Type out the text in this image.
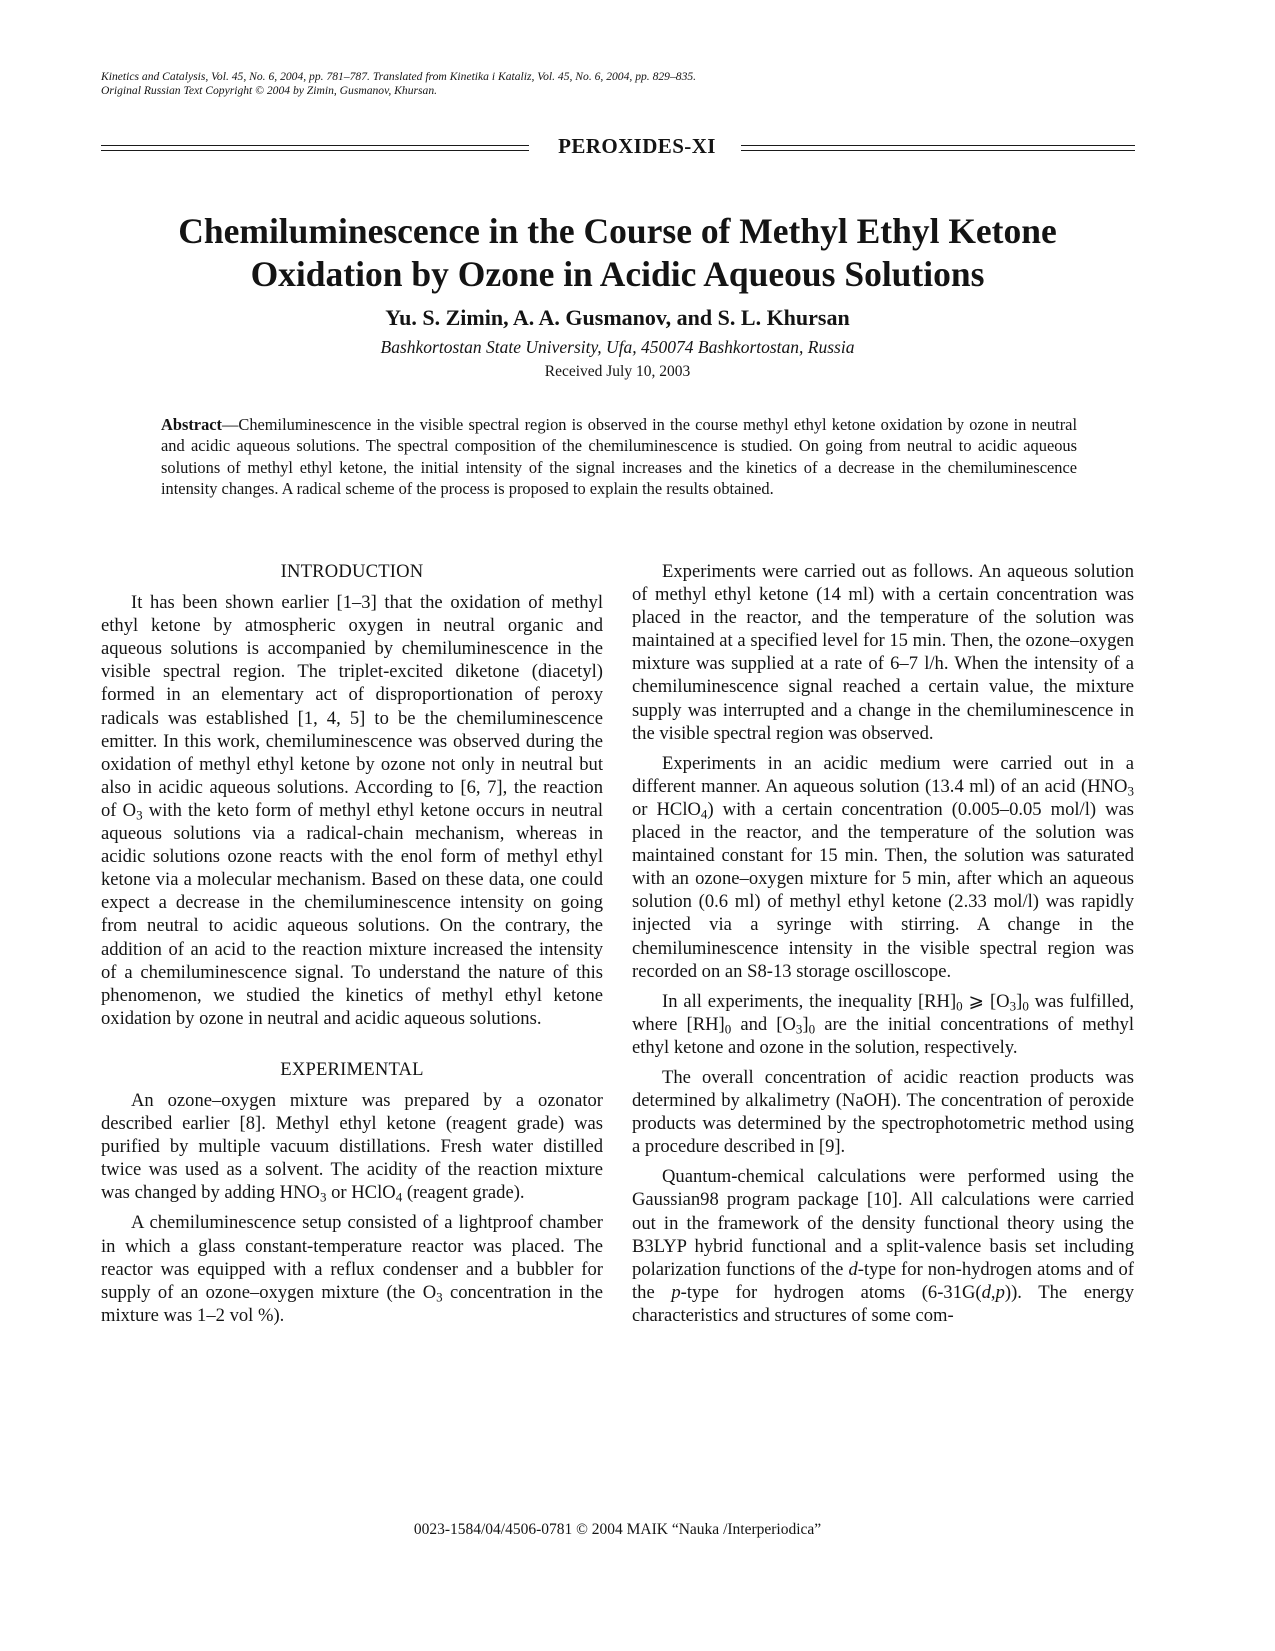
Kinetics and Catalysis, Vol. 45, No. 6, 2004, pp. 781–787. Translated from Kinetika i Kataliz, Vol. 45, No. 6, 2004, pp. 829–835.
Original Russian Text Copyright © 2004 by Zimin, Gusmanov, Khursan.
PEROXIDES-XI
Chemiluminescence in the Course of Methyl Ethyl Ketone
Oxidation by Ozone in Acidic Aqueous Solutions
Yu. S. Zimin, A. A. Gusmanov, and S. L. Khursan
Bashkortostan State University, Ufa, 450074 Bashkortostan, Russia
Received July 10, 2003

Abstract—Chemiluminescence in the visible spectral region is observed in the course methyl ethyl ketone oxidation by ozone in neutral and acidic aqueous solutions. The spectral composition of the chemiluminescence is studied. On going from neutral to acidic aqueous solutions of methyl ethyl ketone, the initial intensity of the signal increases and the kinetics of a decrease in the chemiluminescence intensity changes. A radical scheme of the process is proposed to explain the results obtained.

INTRODUCTION

It has been shown earlier [1–3] that the oxidation of methyl ethyl ketone by atmospheric oxygen in neutral organic and aqueous solutions is accompanied by chemiluminescence in the visible spectral region. The triplet-excited diketone (diacetyl) formed in an elementary act of disproportionation of peroxy radicals was established [1, 4, 5] to be the chemiluminescence emitter. In this work, chemiluminescence was observed during the oxidation of methyl ethyl ketone by ozone not only in neutral but also in acidic aqueous solutions. According to [6, 7], the reaction of $O_3$ with the keto form of methyl ethyl ketone occurs in neutral aqueous solutions via a radical-chain mechanism, whereas in acidic solutions ozone reacts with the enol form of methyl ethyl ketone via a molecular mechanism. Based on these data, one could expect a decrease in the chemiluminescence intensity on going from neutral to acidic aqueous solutions. On the contrary, the addition of an acid to the reaction mixture increased the intensity of a chemiluminescence signal. To understand the nature of this phenomenon, we studied the kinetics of methyl ethyl ketone oxidation by ozone in neutral and acidic aqueous solutions.

EXPERIMENTAL

An ozone–oxygen mixture was prepared by a ozonator described earlier [8]. Methyl ethyl ketone (reagent grade) was purified by multiple vacuum distillations. Fresh water distilled twice was used as a solvent. The acidity of the reaction mixture was changed by adding $HNO_3$ or HClO$_4$ (reagent grade).

A chemiluminescence setup consisted of a lightproof chamber in which a glass constant-temperature reactor was placed. The reactor was equipped with a reflux condenser and a bubbler for supply of an ozone–oxygen mixture (the $O_3$ concentration in the mixture was 1–2 vol %).

Experiments were carried out as follows. An aqueous solution of methyl ethyl ketone (14 ml) with a certain concentration was placed in the reactor, and the temperature of the solution was maintained at a specified level for 15 min. Then, the ozone–oxygen mixture was supplied at a rate of 6–7 l/h. When the intensity of a chemiluminescence signal reached a certain value, the mixture supply was interrupted and a change in the chemiluminescence in the visible spectral region was observed.

Experiments in an acidic medium were carried out in a different manner. An aqueous solution (13.4 ml) of an acid ($HNO_3$ or HClO$_4$) with a certain concentration (0.005–0.05 mol/l) was placed in the reactor, and the temperature of the solution was maintained constant for 15 min. Then, the solution was saturated with an ozone–oxygen mixture for 5 min, after which an aqueous solution (0.6 ml) of methyl ethyl ketone (2.33 mol/l) was rapidly injected via a syringe with stirring. A change in the chemiluminescence intensity in the visible spectral region was recorded on an S8-13 storage oscilloscope.

In all experiments, the inequality $[RH]_0$ ⩾ $[O_3]_0$ was fulfilled, where $[RH]_0$ and $[O_3]_0$ are the initial concentrations of methyl ethyl ketone and ozone in the solution, respectively.

The overall concentration of acidic reaction products was determined by alkalimetry (NaOH). The concentration of peroxide products was determined by the spectrophotometric method using a procedure described in [9].

Quantum-chemical calculations were performed using the Gaussian98 program package [10]. All calculations were carried out in the framework of the density functional theory using the B3LYP hybrid functional and a split-valence basis set including polarization functions of the d-type for non-hydrogen atoms and of the p-type for hydrogen atoms (6-31G(d,p)). The energy characteristics and structures of some com-

0023-1584/04/4506-0781 © 2004 MAIK “Nauka /Interperiodica”
